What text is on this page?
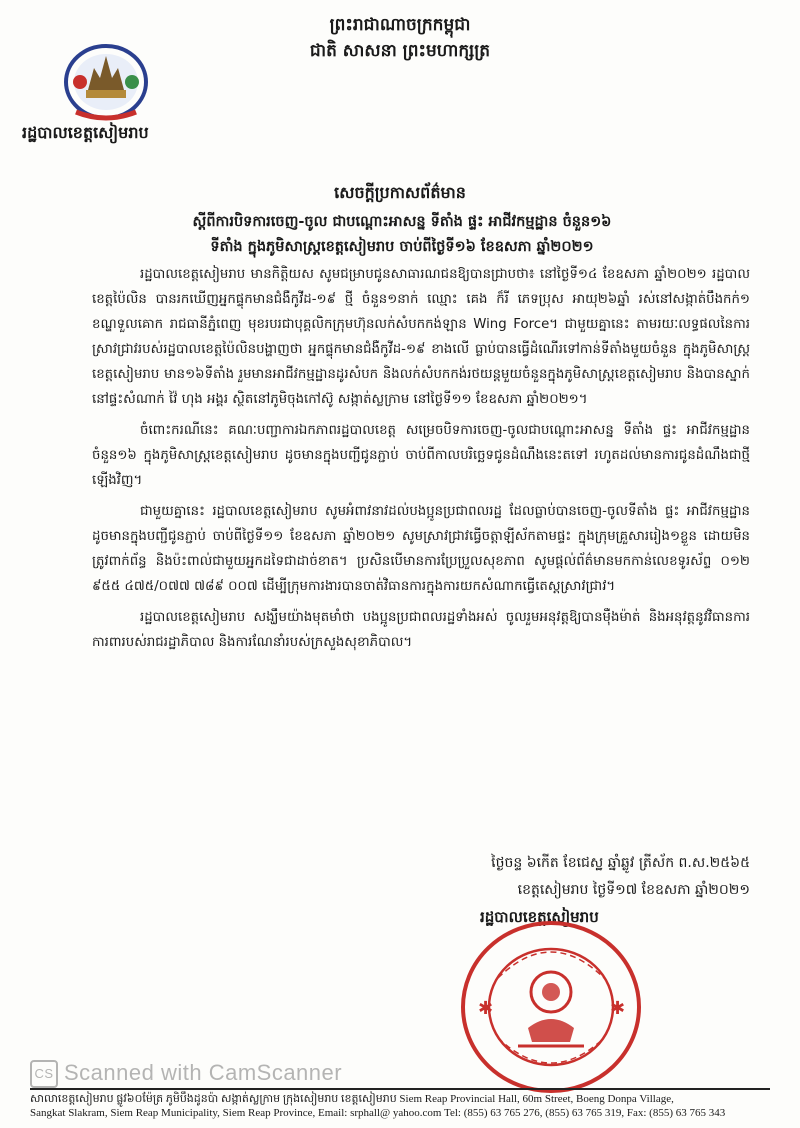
ព្រះរាជាណាចក្រកម្ពុជា
ជាតិ សាសនា ព្រះមហាក្សត្រ
រដ្ឋបាលខេត្តសៀមរាប
សេចក្តីប្រកាសព័ត៌មាន
ស្តីពីការបិទការចេញ-ចូល ជាបណ្តោះអាសន្ន ទីតាំង ផ្ទះ អាជីវកម្មដ្ឋាន ចំនួន១៦
ទីតាំង ក្នុងភូមិសាស្ត្រខេត្តសៀមរាប ចាប់ពីថ្ងៃទី១៦ ខែឧសភា ឆ្នាំ២០២១

រដ្ឋបាលខេត្តសៀមរាប មានកិត្តិយស សូមជម្រាបជូនសាធារណជនឱ្យបានជ្រាបថា៖ នៅថ្ងៃទី១៤ ខែឧសភា ឆ្នាំ២០២១ រដ្ឋបាលខេត្តប៉ៃលិន បានរកឃើញអ្នកផ្ទុកមានជំងឺកូវីដ-១៩ ថ្មី ចំនួន១នាក់ ឈ្មោះ គេង ក៏រី ភេទប្រុស អាយុ២៦ឆ្នាំ រស់នៅសង្កាត់បឹងកក់១ ខណ្ឌទួលគោក រាជធានីភ្នំពេញ មុខរបរជាបុគ្គលិកក្រុមហ៊ុនលក់សំបកកង់ឡាន Wing Force។ ជាមួយគ្នានេះ តាមរយៈលទ្ធផលនៃការស្រាវជ្រាវរបស់រដ្ឋបាលខេត្តប៉ៃលិនបង្ហាញថា អ្នកផ្ទុកមានជំងឺកូវីដ-១៩ ខាងលើ ធ្លាប់បានធ្វើដំណើរទៅកាន់ទីតាំងមួយចំនួន ក្នុងភូមិសាស្ត្រខេត្តសៀមរាប មាន១៦ទីតាំង រួមមានអាជីវកម្មដ្ឋានដូរសំបក និងលក់សំបកកង់រថយន្តមួយចំនួនក្នុងភូមិសាស្ត្រខេត្តសៀមរាប និងបានស្នាក់នៅផ្ទះសំណាក់ វ៉ៃ ហុង អង្គរ ស្ថិតនៅភូមិចុងកៅស៊ូ សង្កាត់ស្លក្រាម នៅថ្ងៃទី១១ ខែឧសភា ឆ្នាំ២០២១។

ចំពោះករណីនេះ គណៈបញ្ជាការឯកភាពរដ្ឋបាលខេត្ត សម្រេចបិទការចេញ-ចូលជាបណ្តោះអាសន្ន ទីតាំង ផ្ទះ អាជីវកម្មដ្ឋាន ចំនួន១៦ ក្នុងភូមិសាស្ត្រខេត្តសៀមរាប ដូចមានក្នុងបញ្ជីជូនភ្ជាប់ ចាប់ពីកាលបរិច្ឆេទជូនដំណឹងនេះតទៅ រហូតដល់មានការជូនដំណឹងជាថ្មីឡើងវិញ។

ជាមួយគ្នានេះ រដ្ឋបាលខេត្តសៀមរាប សូមអំពាវនាវដល់បងប្អូនប្រជាពលរដ្ឋ ដែលធ្លាប់បានចេញ-ចូលទីតាំង ផ្ទះ អាជីវកម្មដ្ឋាន ដូចមានក្នុងបញ្ជីជូនភ្ជាប់ ចាប់ពីថ្ងៃទី១១ ខែឧសភា ឆ្នាំ២០២១ សូមស្រាវជ្រាវធ្វើចត្តាឡីស័កតាមផ្ទះ ក្នុងក្រុមគ្រួសាររៀង១ខ្លួន ដោយមិនត្រូវពាក់ព័ន្ធ និងប៉ះពាល់ជាមួយអ្នកដទៃជាដាច់ខាត។ ប្រសិនបើមានការប្រែប្រួលសុខភាព សូមផ្តល់ព័ត៌មានមកកាន់លេខទូរស័ព្ទ ០១២ ៩៥៥ ៤៧៥/០៧៧ ៧៨៩ ០០៧ ដើម្បីក្រុមការងារបានចាត់វិធានការក្នុងការយកសំណាកធ្វើតេស្តស្រាវជ្រាវ។

រដ្ឋបាលខេត្តសៀមរាប សង្ឃឹមយ៉ាងមុតមាំថា បងប្អូនប្រជាពលរដ្ឋទាំងអស់ ចូលរួមអនុវត្តឱ្យបានម៉ឺងម៉ាត់ និងអនុវត្តនូវវិធានការការពារបស់រាជរដ្ឋាភិបាល និងការណែនាំរបស់ក្រសួងសុខាភិបាល។

ថ្ងៃចន្ទ ៦កើត ខែជេស្ឋ ឆ្នាំឆ្លូវ ត្រីស័ក ព.ស.២៥៦៥
ខេត្តសៀមរាប ថ្ងៃទី១៧ ខែឧសភា ឆ្នាំ២០២១
រដ្ឋបាលខេត្តសៀមរាប
✱	✱
CS Scanned with CamScanner
សាលាខេត្តសៀមរាប ផ្លូវ៦០ម៉ែត្រ ភូមិបឹងដូនប៉ា សង្កាត់ស្លក្រាម ក្រុងសៀមរាប ខេត្តសៀមរាប Siem Reap Provincial Hall, 60m Street, Boeng Donpa Village,
Sangkat Slakram, Siem Reap Municipality, Siem Reap Province, Email: srphall@ yahoo.com Tel: (855) 63 765 276, (855) 63 765 319, Fax: (855) 63 765 343
